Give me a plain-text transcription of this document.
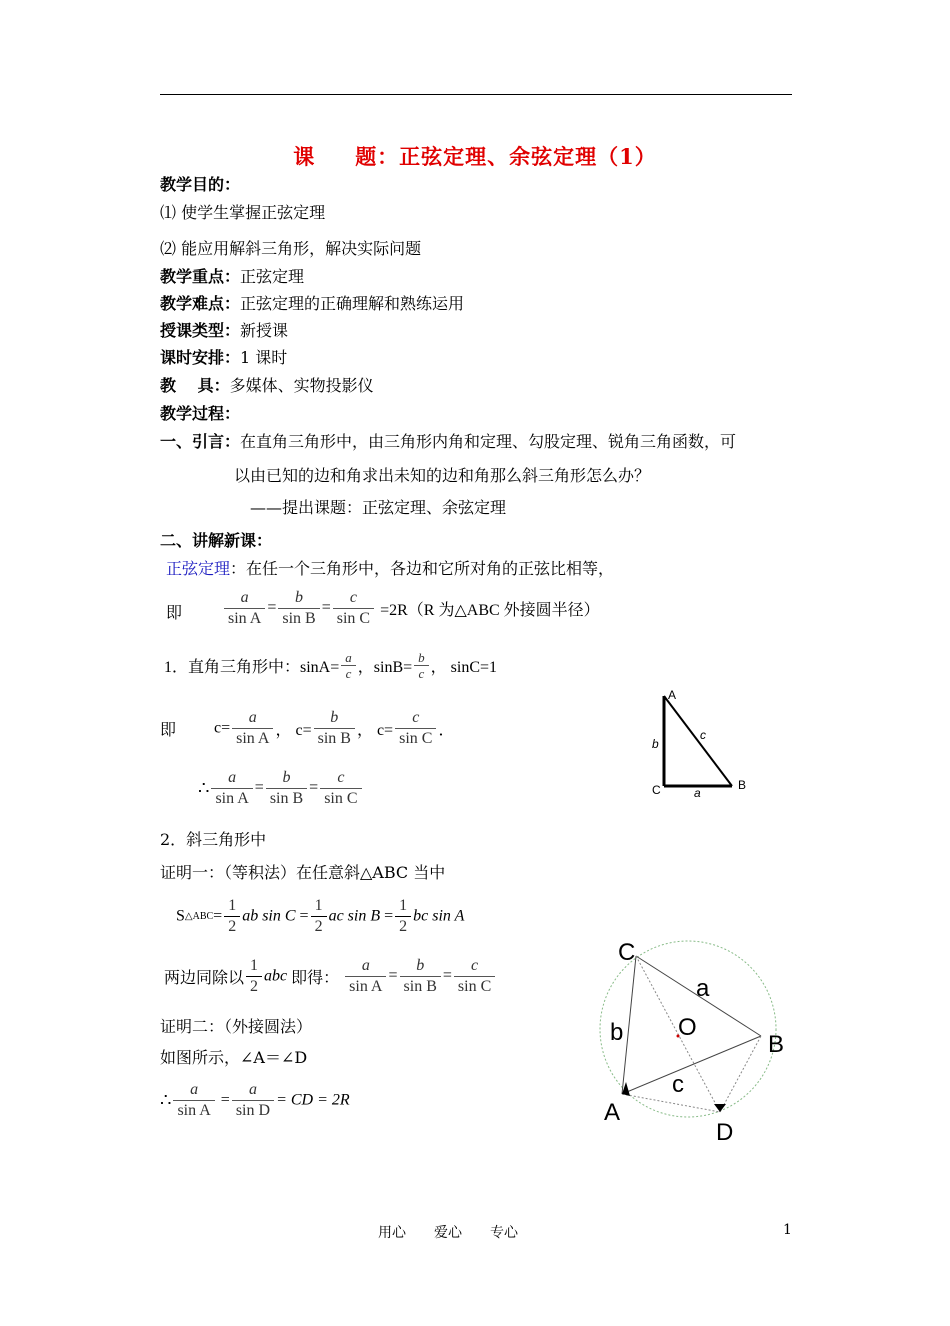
课 题：正弦定理、余弦定理（1）
教学目的：
⑴ 使学生掌握正弦定理
⑵ 能应用解斜三角形，解决实际问题
教学重点：正弦定理
教学难点：正弦定理的正确理解和熟练运用
授课类型：新授课
课时安排：1 课时
教　 具：多媒体、实物投影仪
教学过程：
一、引言：在直角三角形中，由三角形内角和定理、勾股定理、锐角三角函数，可
以由已知的边和角求出未知的边和角那么斜三角形怎么办？
——提出课题：正弦定理、余弦定理
二、讲解新课：
正弦定理：在任一个三角形中，各边和它所对角的正弦比相等，
即	$\frac{a}{\text{sin A}} = \frac{b}{\text{sin B}} = \frac{c}{\text{sin C}} =2R(R$ 为△ABC 外接圆半径）
1．直角三角形中：$\sin A= \frac{a}{c}$ ，$\sin B= \frac{b}{c}$ ， sinC=1
即 $c= \frac{a}{\text{sin A}}$ ， $c= \frac{b}{\text{sin B}}$ ， $c= \frac{c}{\text{sin C}}$ ．
∴ $\frac{a}{\text{sin A}} = \frac{b}{\text{sin B}} = \frac{c}{\text{sin C}}$
A
B
C
b
c
a
2．斜三角形中
证明一：（等积法）在任意斜△ABC 当中
S△ABC= $\frac{1}{2}$ ab $\sin C = \frac{1}{2}$ ac $\sin B = \frac{1}{2}$ bc sin A
两边同除以 $\frac{1}{2}$ abc 即得： $\frac{a}{\text{sin A}} = \frac{b}{\text{sin B}} = \frac{c}{\text{sin C}}$
证明二：（外接圆法）
如图所示，∠A＝∠D
∴ $\frac{a}{\text{sin A}} = \frac{a}{\text{sin D}}$ = CD = 2R
C
A
B
D
O
a
b
c
用心　　爱心　　专心	1
